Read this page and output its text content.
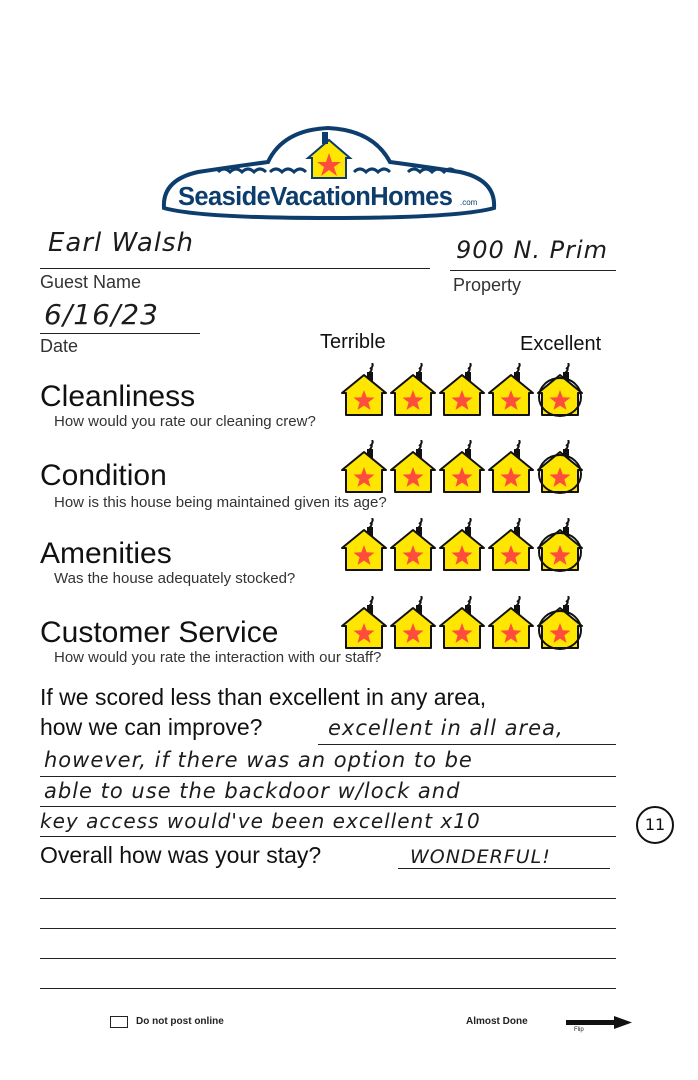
SeasideVacationHomes .com
Earl Walsh
Guest Name
900 N. Prim
Property
6/16/23
Date	Terrible	Excellent
Cleanliness
How would you rate our cleaning crew?
Condition
How is this house being maintained given its age?
Amenities
Was the house adequately stocked?
Customer Service
How would you rate the interaction with our staff?
If we scored less than excellent in any area,
how we can improve?	excellent in all area,
however, if there was an option to be
able to use the backdoor w/lock and
key access would've been excellent x10	11
Overall how was your stay?	WONDERFUL!
Do not post online	Almost Done
Flip
